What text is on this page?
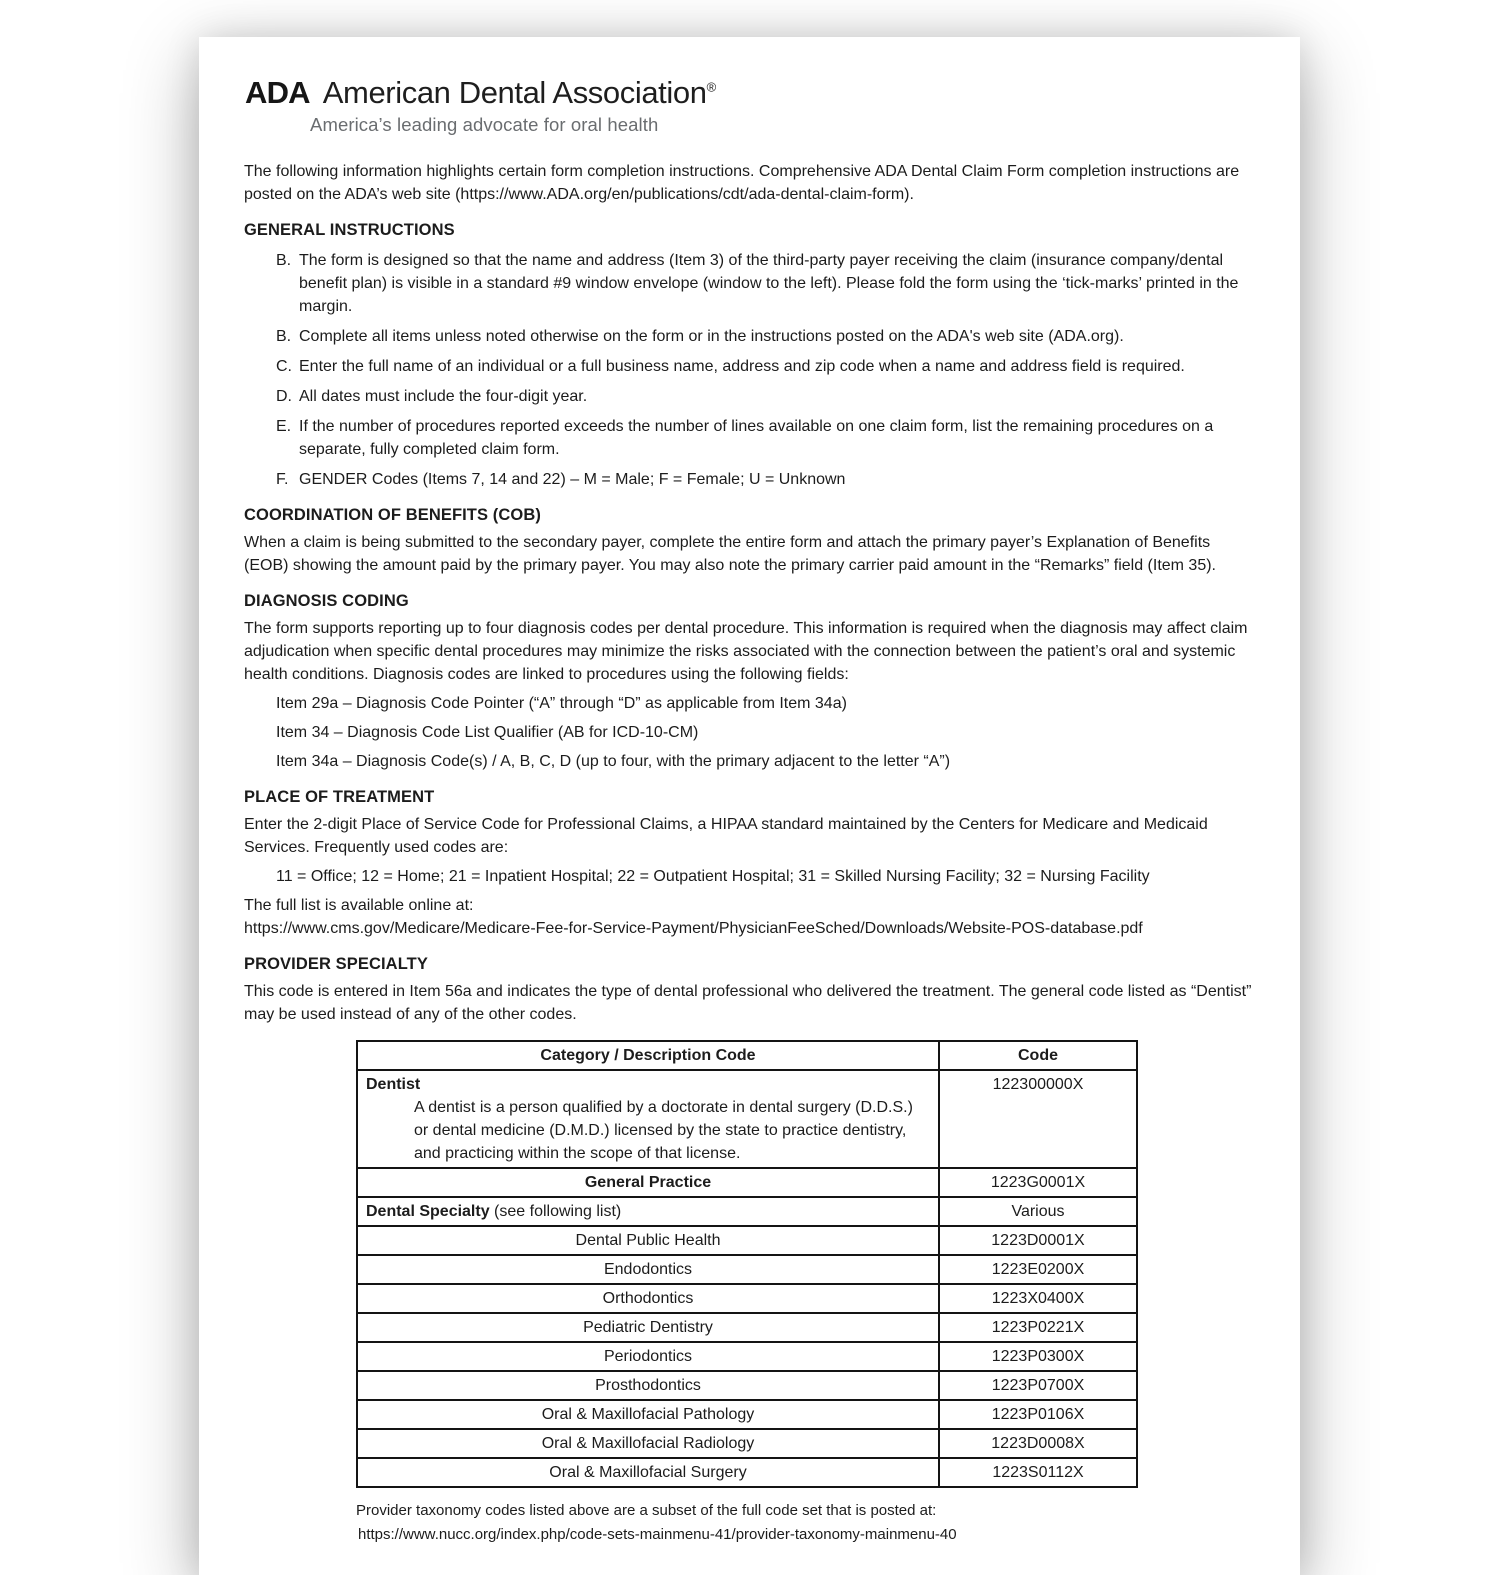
ADA American Dental Association®
America’s leading advocate for oral health

The following information highlights certain form completion instructions. Comprehensive ADA Dental Claim Form completion instructions are posted on the ADA’s web site (https://www.ADA.org/en/publications/cdt/ada-dental-claim-form).

GENERAL INSTRUCTIONS
B. The form is designed so that the name and address (Item 3) of the third-party payer receiving the claim (insurance company/dental benefit plan) is visible in a standard #9 window envelope (window to the left). Please fold the form using the ‘tick-marks’ printed in the margin.
B. Complete all items unless noted otherwise on the form or in the instructions posted on the ADA's web site (ADA.org).
C. Enter the full name of an individual or a full business name, address and zip code when a name and address field is required.
D. All dates must include the four-digit year.
E. If the number of procedures reported exceeds the number of lines available on one claim form, list the remaining procedures on a separate, fully completed claim form.
F. GENDER Codes (Items 7, 14 and 22) – M = Male; F = Female; U = Unknown
COORDINATION OF BENEFITS (COB)

When a claim is being submitted to the secondary payer, complete the entire form and attach the primary payer’s Explanation of Benefits (EOB) showing the amount paid by the primary payer. You may also note the primary carrier paid amount in the “Remarks” field (Item 35).

DIAGNOSIS CODING

The form supports reporting up to four diagnosis codes per dental procedure. This information is required when the diagnosis may affect claim adjudication when specific dental procedures may minimize the risks associated with the connection between the patient’s oral and systemic health conditions. Diagnosis codes are linked to procedures using the following fields:

Item 29a – Diagnosis Code Pointer (“A” through “D” as applicable from Item 34a)
Item 34 – Diagnosis Code List Qualifier (AB for ICD-10-CM)
Item 34a – Diagnosis Code(s) / A, B, C, D (up to four, with the primary adjacent to the letter “A”)
PLACE OF TREATMENT

Enter the 2-digit Place of Service Code for Professional Claims, a HIPAA standard maintained by the Centers for Medicare and Medicaid Services. Frequently used codes are:

11 = Office; 12 = Home; 21 = Inpatient Hospital; 22 = Outpatient Hospital; 31 = Skilled Nursing Facility; 32 = Nursing Facility
The full list is available online at:
https://www.cms.gov/Medicare/Medicare-Fee-for-Service-Payment/PhysicianFeeSched/Downloads/Website-POS-database.pdf
PROVIDER SPECIALTY

This code is entered in Item 56a and indicates the type of dental professional who delivered the treatment. The general code listed as “Dentist” may be used instead of any of the other codes.

Category / Description Code	Code

Dentist
A dentist is a person qualified by a doctorate in dental surgery (D.D.S.) or dental medicine (D.M.D.) licensed by the state to practice dentistry, and practicing within the scope of that license.	122300000X
General Practice	1223G0001X
Dental Specialty (see following list)	Various
Dental Public Health	1223D0001X
Endodontics	1223E0200X
Orthodontics	1223X0400X
Pediatric Dentistry	1223P0221X
Periodontics	1223P0300X
Prosthodontics	1223P0700X
Oral & Maxillofacial Pathology	1223P0106X
Oral & Maxillofacial Radiology	1223D0008X
Oral & Maxillofacial Surgery	1223S0112X
Provider taxonomy codes listed above are a subset of the full code set that is posted at:
https://www.nucc.org/index.php/code-sets-mainmenu-41/provider-taxonomy-mainmenu-40
